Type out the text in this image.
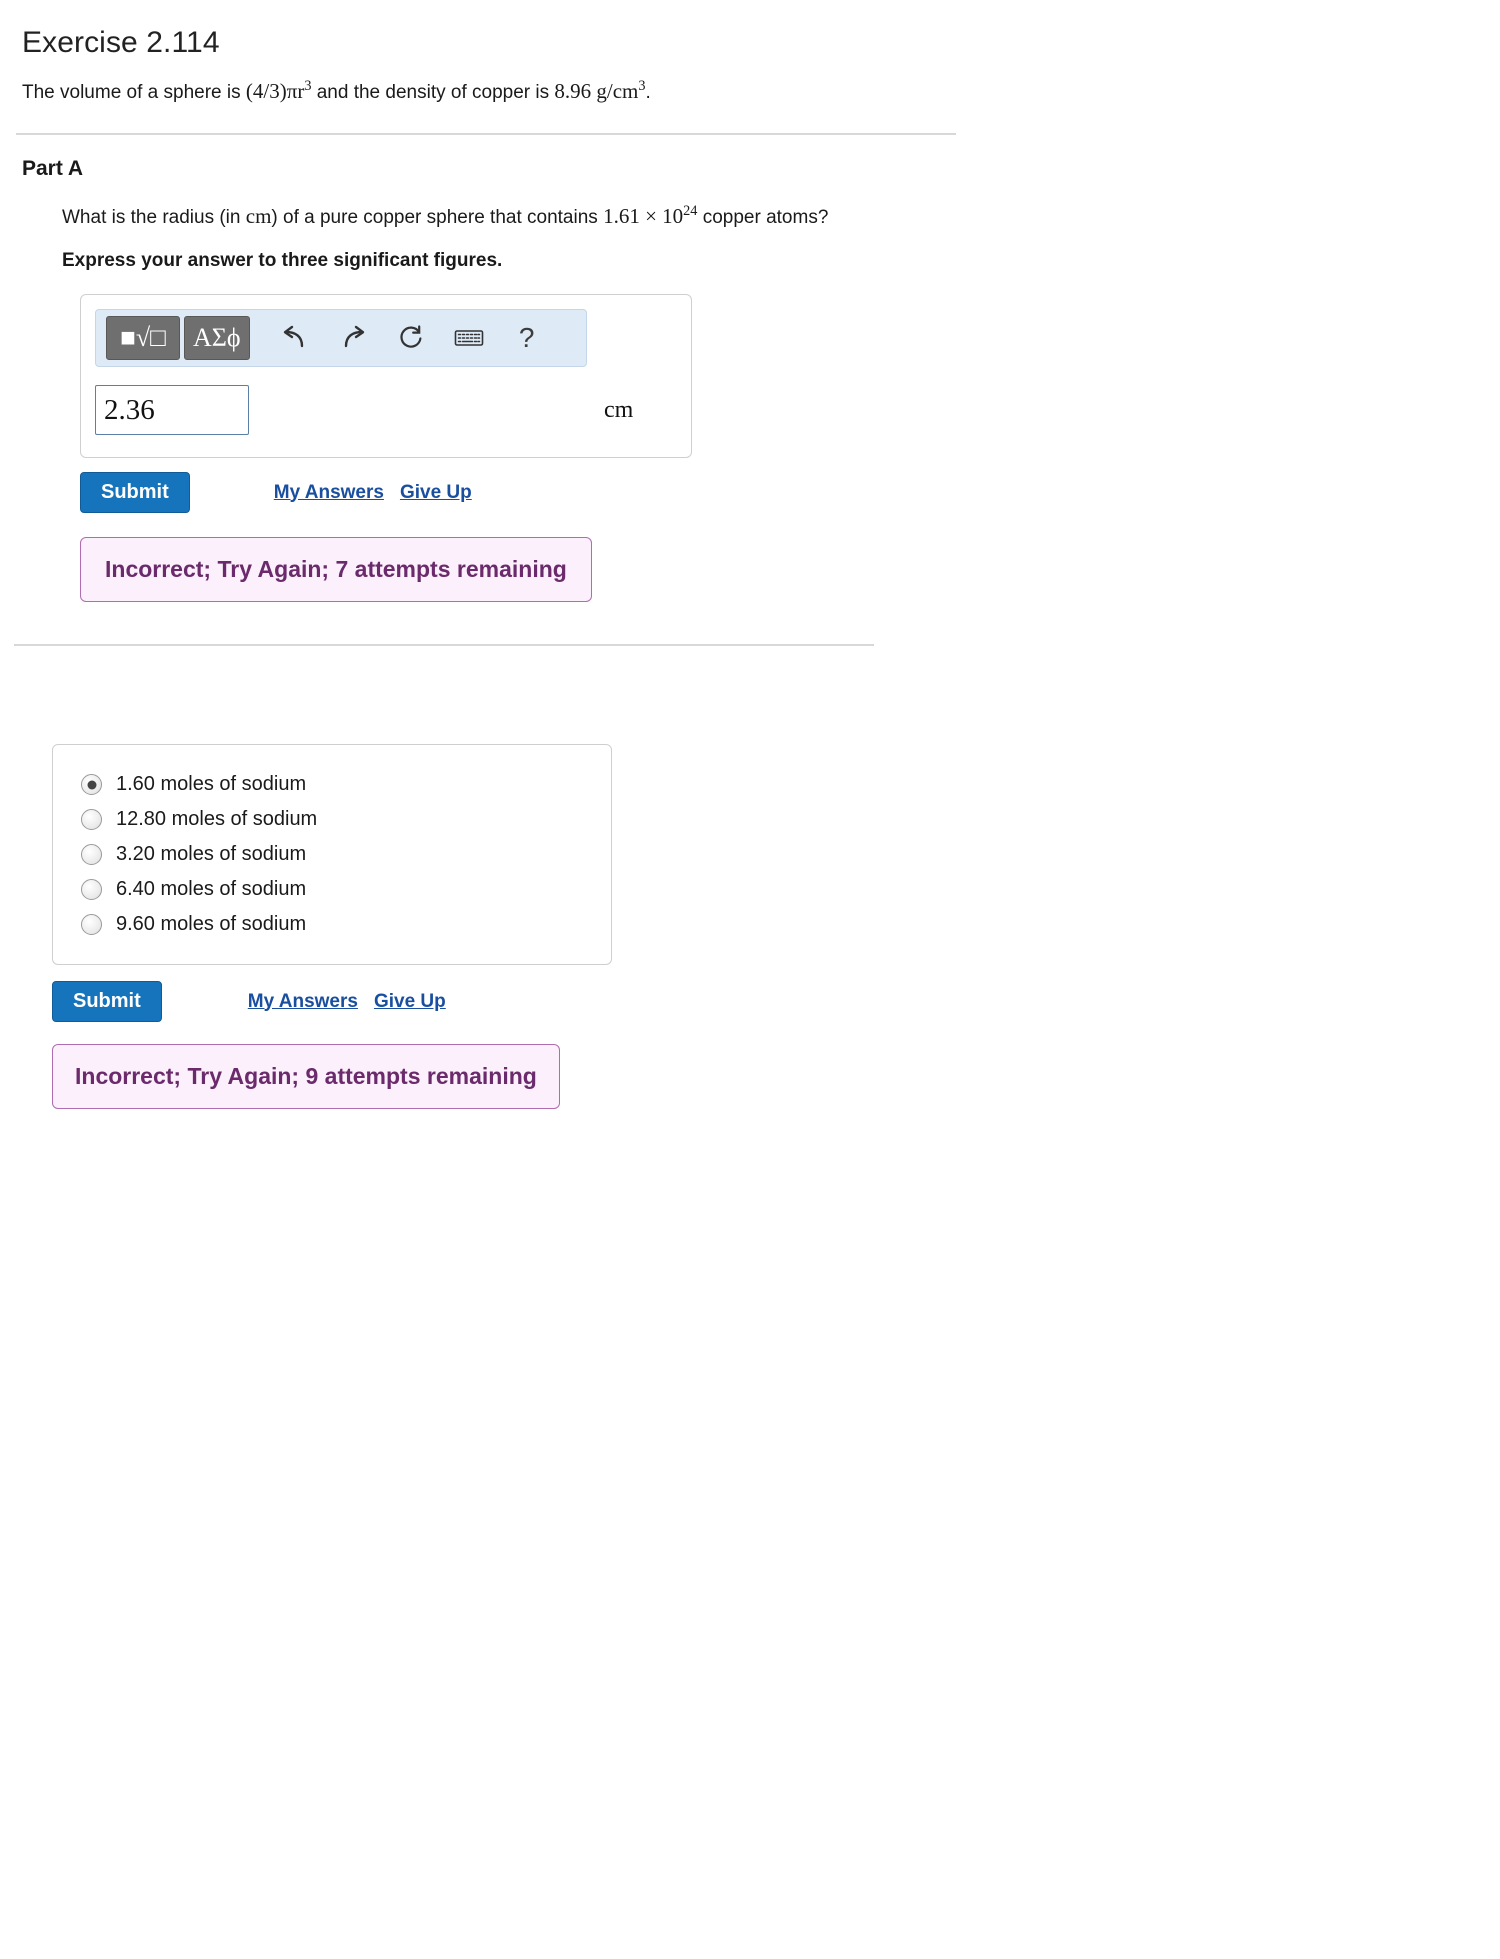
Exercise 2.114

The volume of a sphere is $(4/3)\pi r^3$ and the density of copper is 8.96 $g/cm^3$.

Part A
What is the radius (in cm) of a pure copper sphere that contains $1.61 \times 10^{24}$ copper atoms?
Express your answer to three significant figures.
■√□	ΑΣϕ	?
2.36
cm
Submit	My Answers Give Up
Incorrect; Try Again; 7 attempts remaining
1.60 moles of sodium
12.80 moles of sodium
3.20 moles of sodium
6.40 moles of sodium
9.60 moles of sodium
Submit	My Answers Give Up
Incorrect; Try Again; 9 attempts remaining
